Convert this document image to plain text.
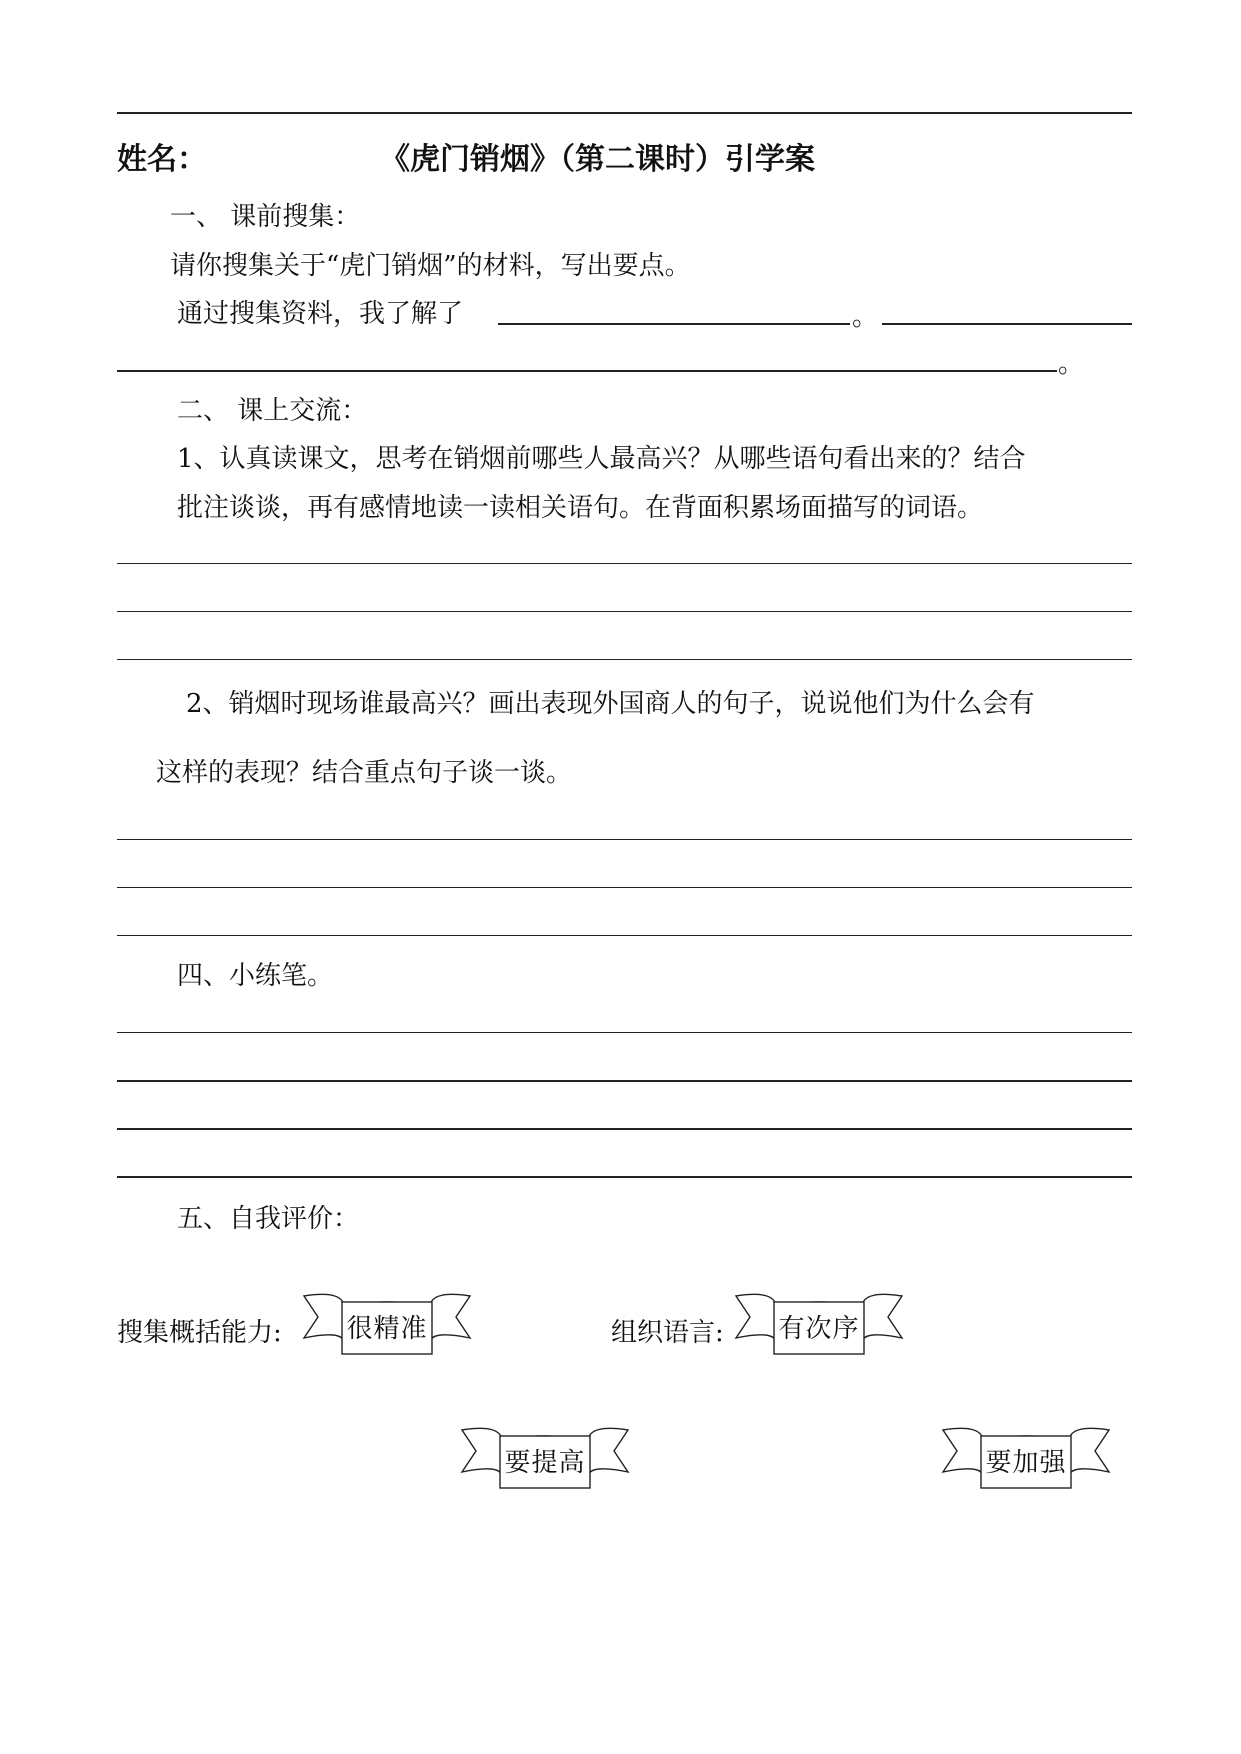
姓名：	《虎门销烟》（第二课时）引学案
一、 课前搜集：
请你搜集关于“虎门销烟”的材料，写出要点。
通过搜集资料，我了解了	。
。
二、 课上交流：
1、认真读课文，思考在销烟前哪些人最高兴？从哪些语句看出来的？结合
批注谈谈，再有感情地读一读相关语句。在背面积累场面描写的词语。
2、销烟时现场谁最高兴？画出表现外国商人的句子，说说他们为什么会有
这样的表现？结合重点句子谈一谈。
四、小练笔。
五、自我评价：
搜集概括能力:	组织语言:
很精准	有次序
要提高	要加强
